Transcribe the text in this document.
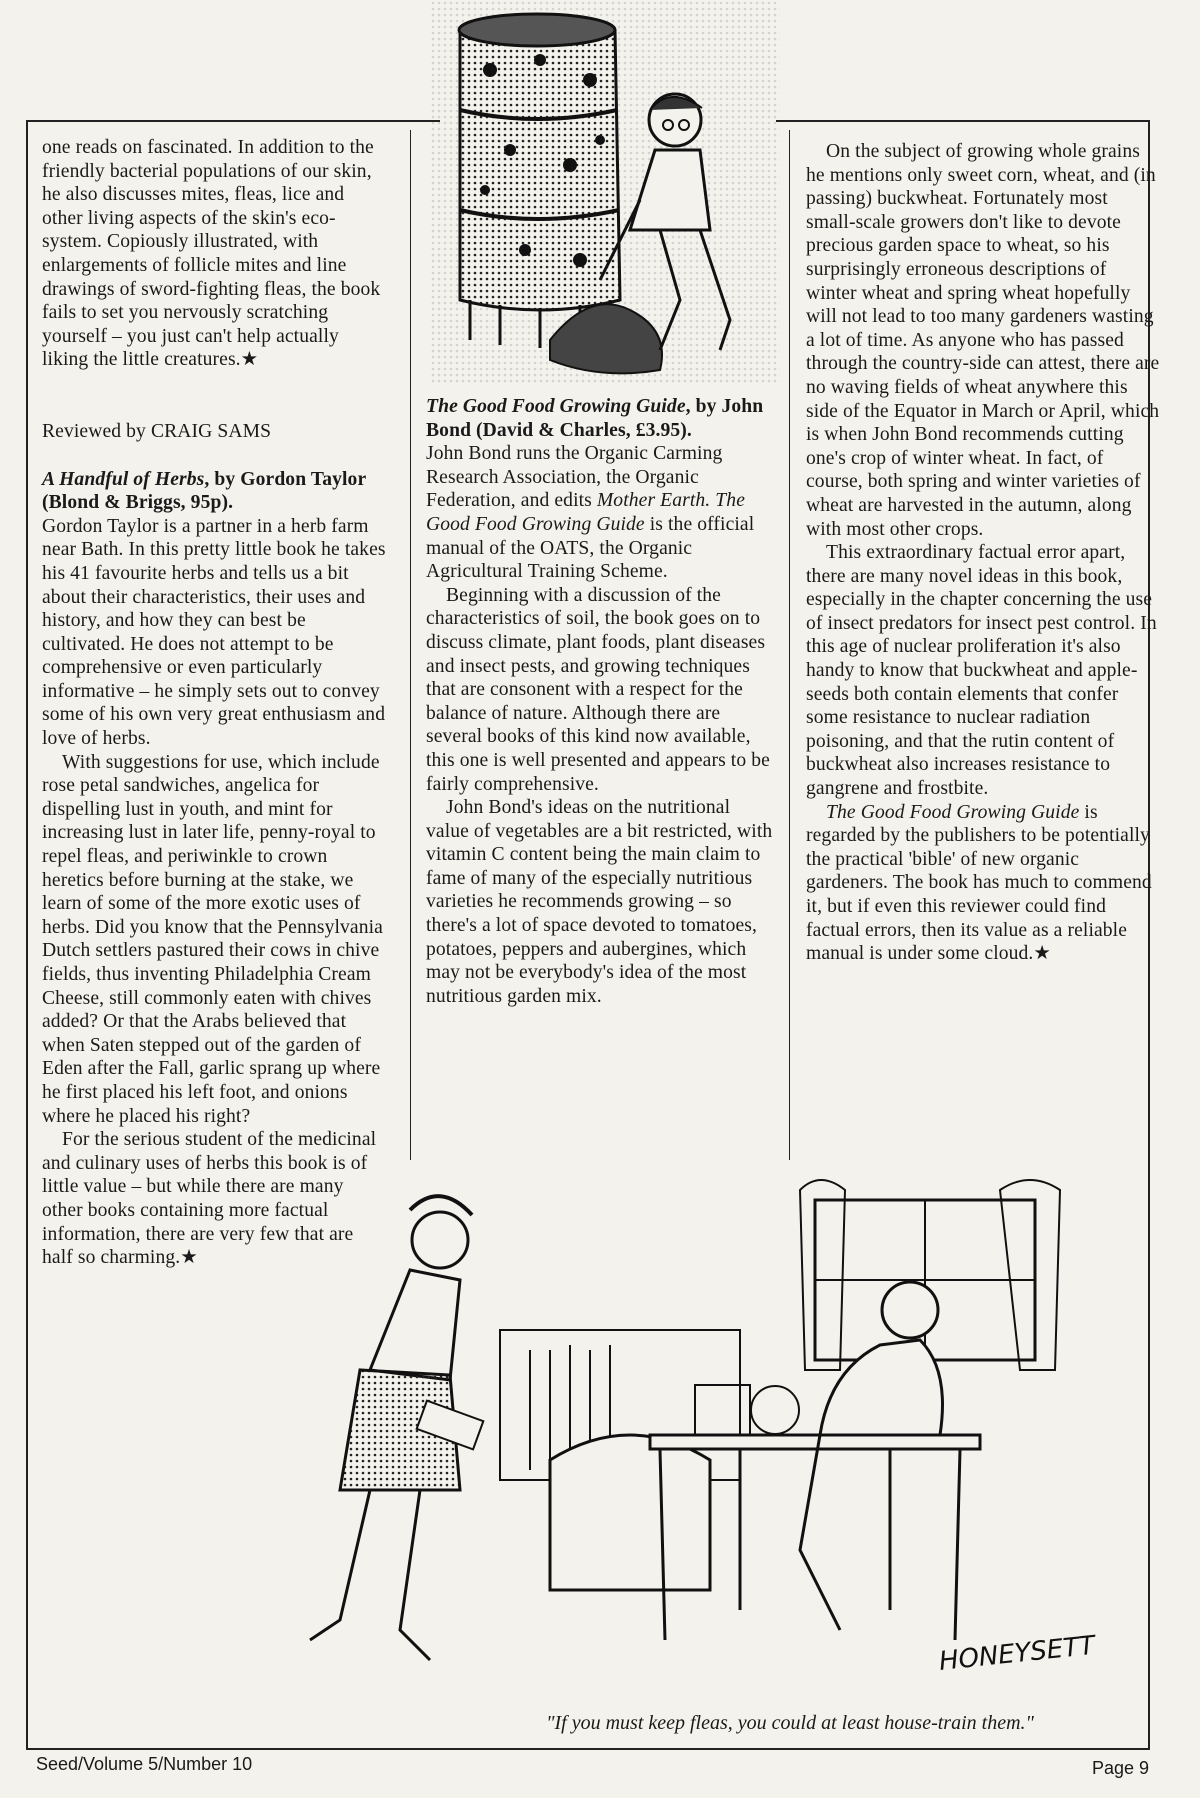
one reads on fascinated. In addition to the friendly bacterial populations of our skin, he also discusses mites, fleas, lice and other living aspects of the skin's eco-system. Copiously illustrated, with enlargements of follicle mites and line drawings of sword-fighting fleas, the book fails to set you nervously scratching yourself – you just can't help actually liking the little creatures.★

Reviewed by CRAIG SAMS

A Handful of Herbs, by Gordon Taylor (Blond & Briggs, 95p).

Gordon Taylor is a partner in a herb farm near Bath. In this pretty little book he takes his 41 favourite herbs and tells us a bit about their characteristics, their uses and history, and how they can best be cultivated. He does not attempt to be comprehensive or even particularly informative – he simply sets out to convey some of his own very great enthusiasm and love of herbs.

With suggestions for use, which include rose petal sandwiches, angelica for dispelling lust in youth, and mint for increasing lust in later life, penny-royal to repel fleas, and periwinkle to crown heretics before burning at the stake, we learn of some of the more exotic uses of herbs. Did you know that the Pennsylvania Dutch settlers pastured their cows in chive fields, thus inventing Philadelphia Cream Cheese, still commonly eaten with chives added? Or that the Arabs believed that when Saten stepped out of the garden of Eden after the Fall, garlic sprang up where he first placed his left foot, and onions where he placed his right?

For the serious student of the medicinal and culinary uses of herbs this book is of little value – but while there are many other books containing more factual information, there are very few that are half so charming.★

The Good Food Growing Guide, by John Bond (David & Charles, £3.95).

John Bond runs the Organic Carming Research Association, the Organic Federation, and edits Mother Earth. The Good Food Growing Guide is the official manual of the OATS, the Organic Agricultural Training Scheme.

Beginning with a discussion of the characteristics of soil, the book goes on to discuss climate, plant foods, plant diseases and insect pests, and growing techniques that are consonent with a respect for the balance of nature. Although there are several books of this kind now available, this one is well presented and appears to be fairly comprehensive.

John Bond's ideas on the nutritional value of vegetables are a bit restricted, with vitamin C content being the main claim to fame of many of the especially nutritious varieties he recommends growing – so there's a lot of space devoted to tomatoes, potatoes, peppers and aubergines, which may not be everybody's idea of the most nutritious garden mix.

On the subject of growing whole grains he mentions only sweet corn, wheat, and (in passing) buckwheat. Fortunately most small-scale growers don't like to devote precious garden space to wheat, so his surprisingly erroneous descriptions of winter wheat and spring wheat hopefully will not lead to too many gardeners wasting a lot of time. As anyone who has passed through the country-side can attest, there are no waving fields of wheat anywhere this side of the Equator in March or April, which is when John Bond recommends cutting one's crop of winter wheat. In fact, of course, both spring and winter varieties of wheat are harvested in the autumn, along with most other crops.

This extraordinary factual error apart, there are many novel ideas in this book, especially in the chapter concerning the use of insect predators for insect pest control. In this age of nuclear proliferation it's also handy to know that buckwheat and apple-seeds both contain elements that confer some resistance to nuclear radiation poisoning, and that the rutin content of buckwheat also increases resistance to gangrene and frostbite.

The Good Food Growing Guide is regarded by the publishers to be potentially the practical 'bible' of new organic gardeners. The book has much to commend it, but if even this reviewer could find factual errors, then its value as a reliable manual is under some cloud.★

HONEYSETT
"If you must keep fleas, you could at least house-train them."
Seed/Volume 5/Number 10	Page 9
